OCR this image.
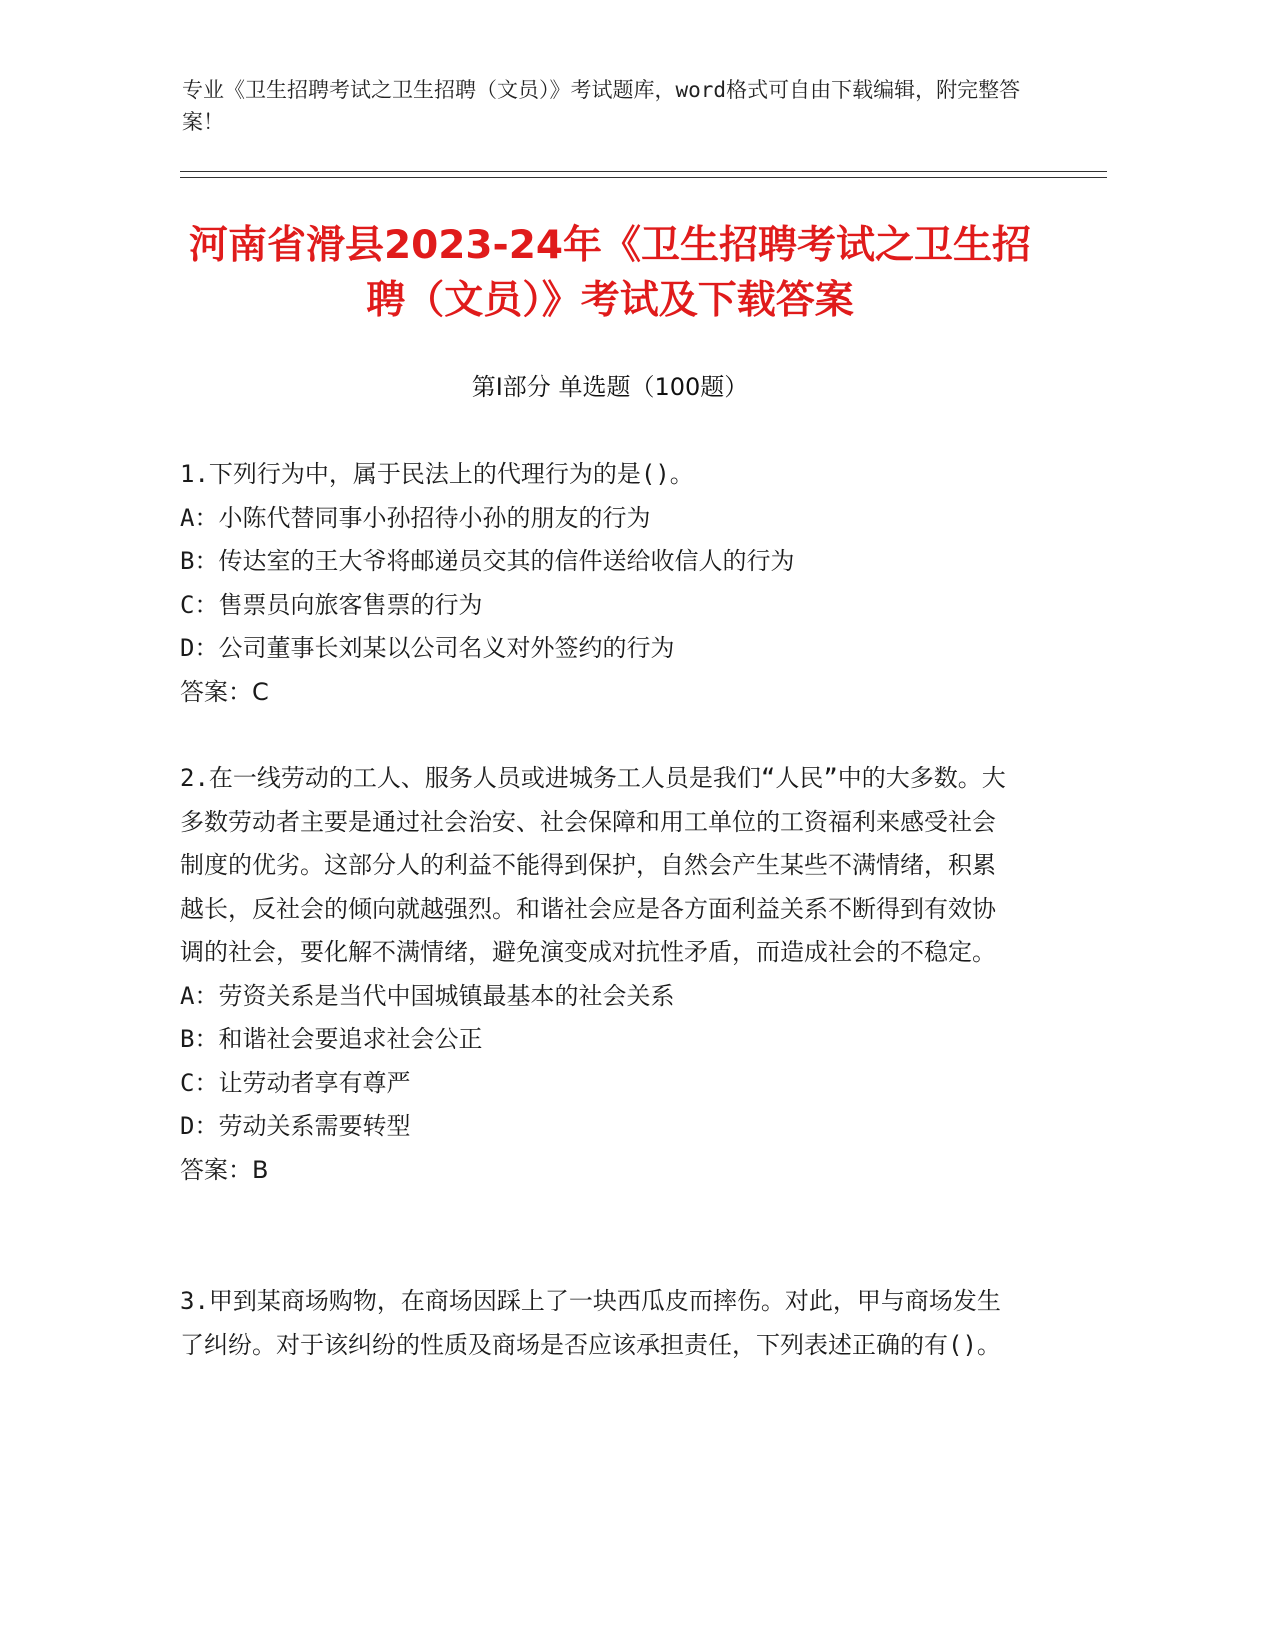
专业《卫生招聘考试之卫生招聘（文员）》考试题库，word格式可自由下载编辑，附完整答案！
河南省滑县2023-24年《卫生招聘考试之卫生招聘（文员）》考试及下载答案
第Ⅰ部分 单选题（100题）
1.下列行为中，属于民法上的代理行为的是()。
A：小陈代替同事小孙招待小孙的朋友的行为
B：传达室的王大爷将邮递员交其的信件送给收信人的行为
C：售票员向旅客售票的行为
D：公司董事长刘某以公司名义对外签约的行为
答案：C
2.在一线劳动的工人、服务人员或进城务工人员是我们“人民”中的大多数。大多数劳动者主要是通过社会治安、社会保障和用工单位的工资福利来感受社会制度的优劣。这部分人的利益不能得到保护，自然会产生某些不满情绪，积累越长，反社会的倾向就越强烈。和谐社会应是各方面利益关系不断得到有效协调的社会，要化解不满情绪，避免演变成对抗性矛盾，而造成社会的不稳定。
A：劳资关系是当代中国城镇最基本的社会关系
B：和谐社会要追求社会公正
C：让劳动者享有尊严
D：劳动关系需要转型
答案：B
3.甲到某商场购物，在商场因踩上了一块西瓜皮而摔伤。对此，甲与商场发生了纠纷。对于该纠纷的性质及商场是否应该承担责任，下列表述正确的有()。
